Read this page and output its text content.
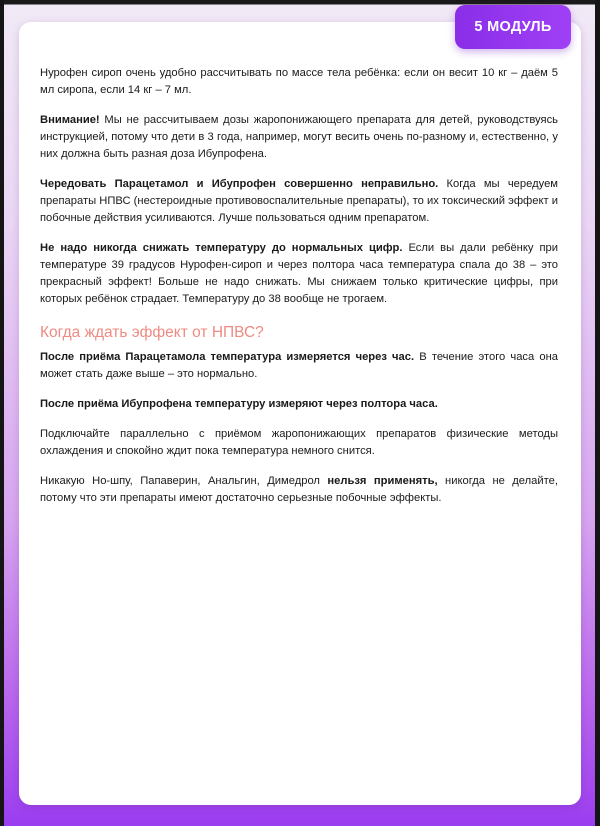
5 МОДУЛЬ

Нурофен сироп очень удобно рассчитывать по массе тела ребёнка: если он весит 10 кг – даём 5 мл сиропа, если 14 кг – 7 мл.

Внимание! Мы не рассчитываем дозы жаропонижающего препарата для детей, руководствуясь инструкцией, потому что дети в 3 года, например, могут весить очень по-разному и, естественно, у них должна быть разная доза Ибупрофена.

Чередовать Парацетамол и Ибупрофен совершенно неправильно. Когда мы чередуем препараты НПВС (нестероидные противовоспалительные препараты), то их токсический эффект и побочные действия усиливаются. Лучше пользоваться одним препаратом.

Не надо никогда снижать температуру до нормальных цифр. Если вы дали ребёнку при температуре 39 градусов Нурофен-сироп и через полтора часа температура спала до 38 – это прекрасный эффект! Больше не надо снижать. Мы снижаем только критические цифры, при которых ребёнок страдает. Температуру до 38 вообще не трогаем.

Когда ждать эффект от НПВС?

После приёма Парацетамола температура измеряется через час. В течение этого часа она может стать даже выше – это нормально.

После приёма Ибупрофена температуру измеряют через полтора часа.

Подключайте параллельно с приёмом жаропонижающих препаратов физические методы охлаждения и спокойно ждит пока температура немного снится.

Никакую Но-шпу, Папаверин, Анальгин, Димедрол нельзя применять, никогда не делайте, потому что эти препараты имеют достаточно серьезные побочные эффекты.
